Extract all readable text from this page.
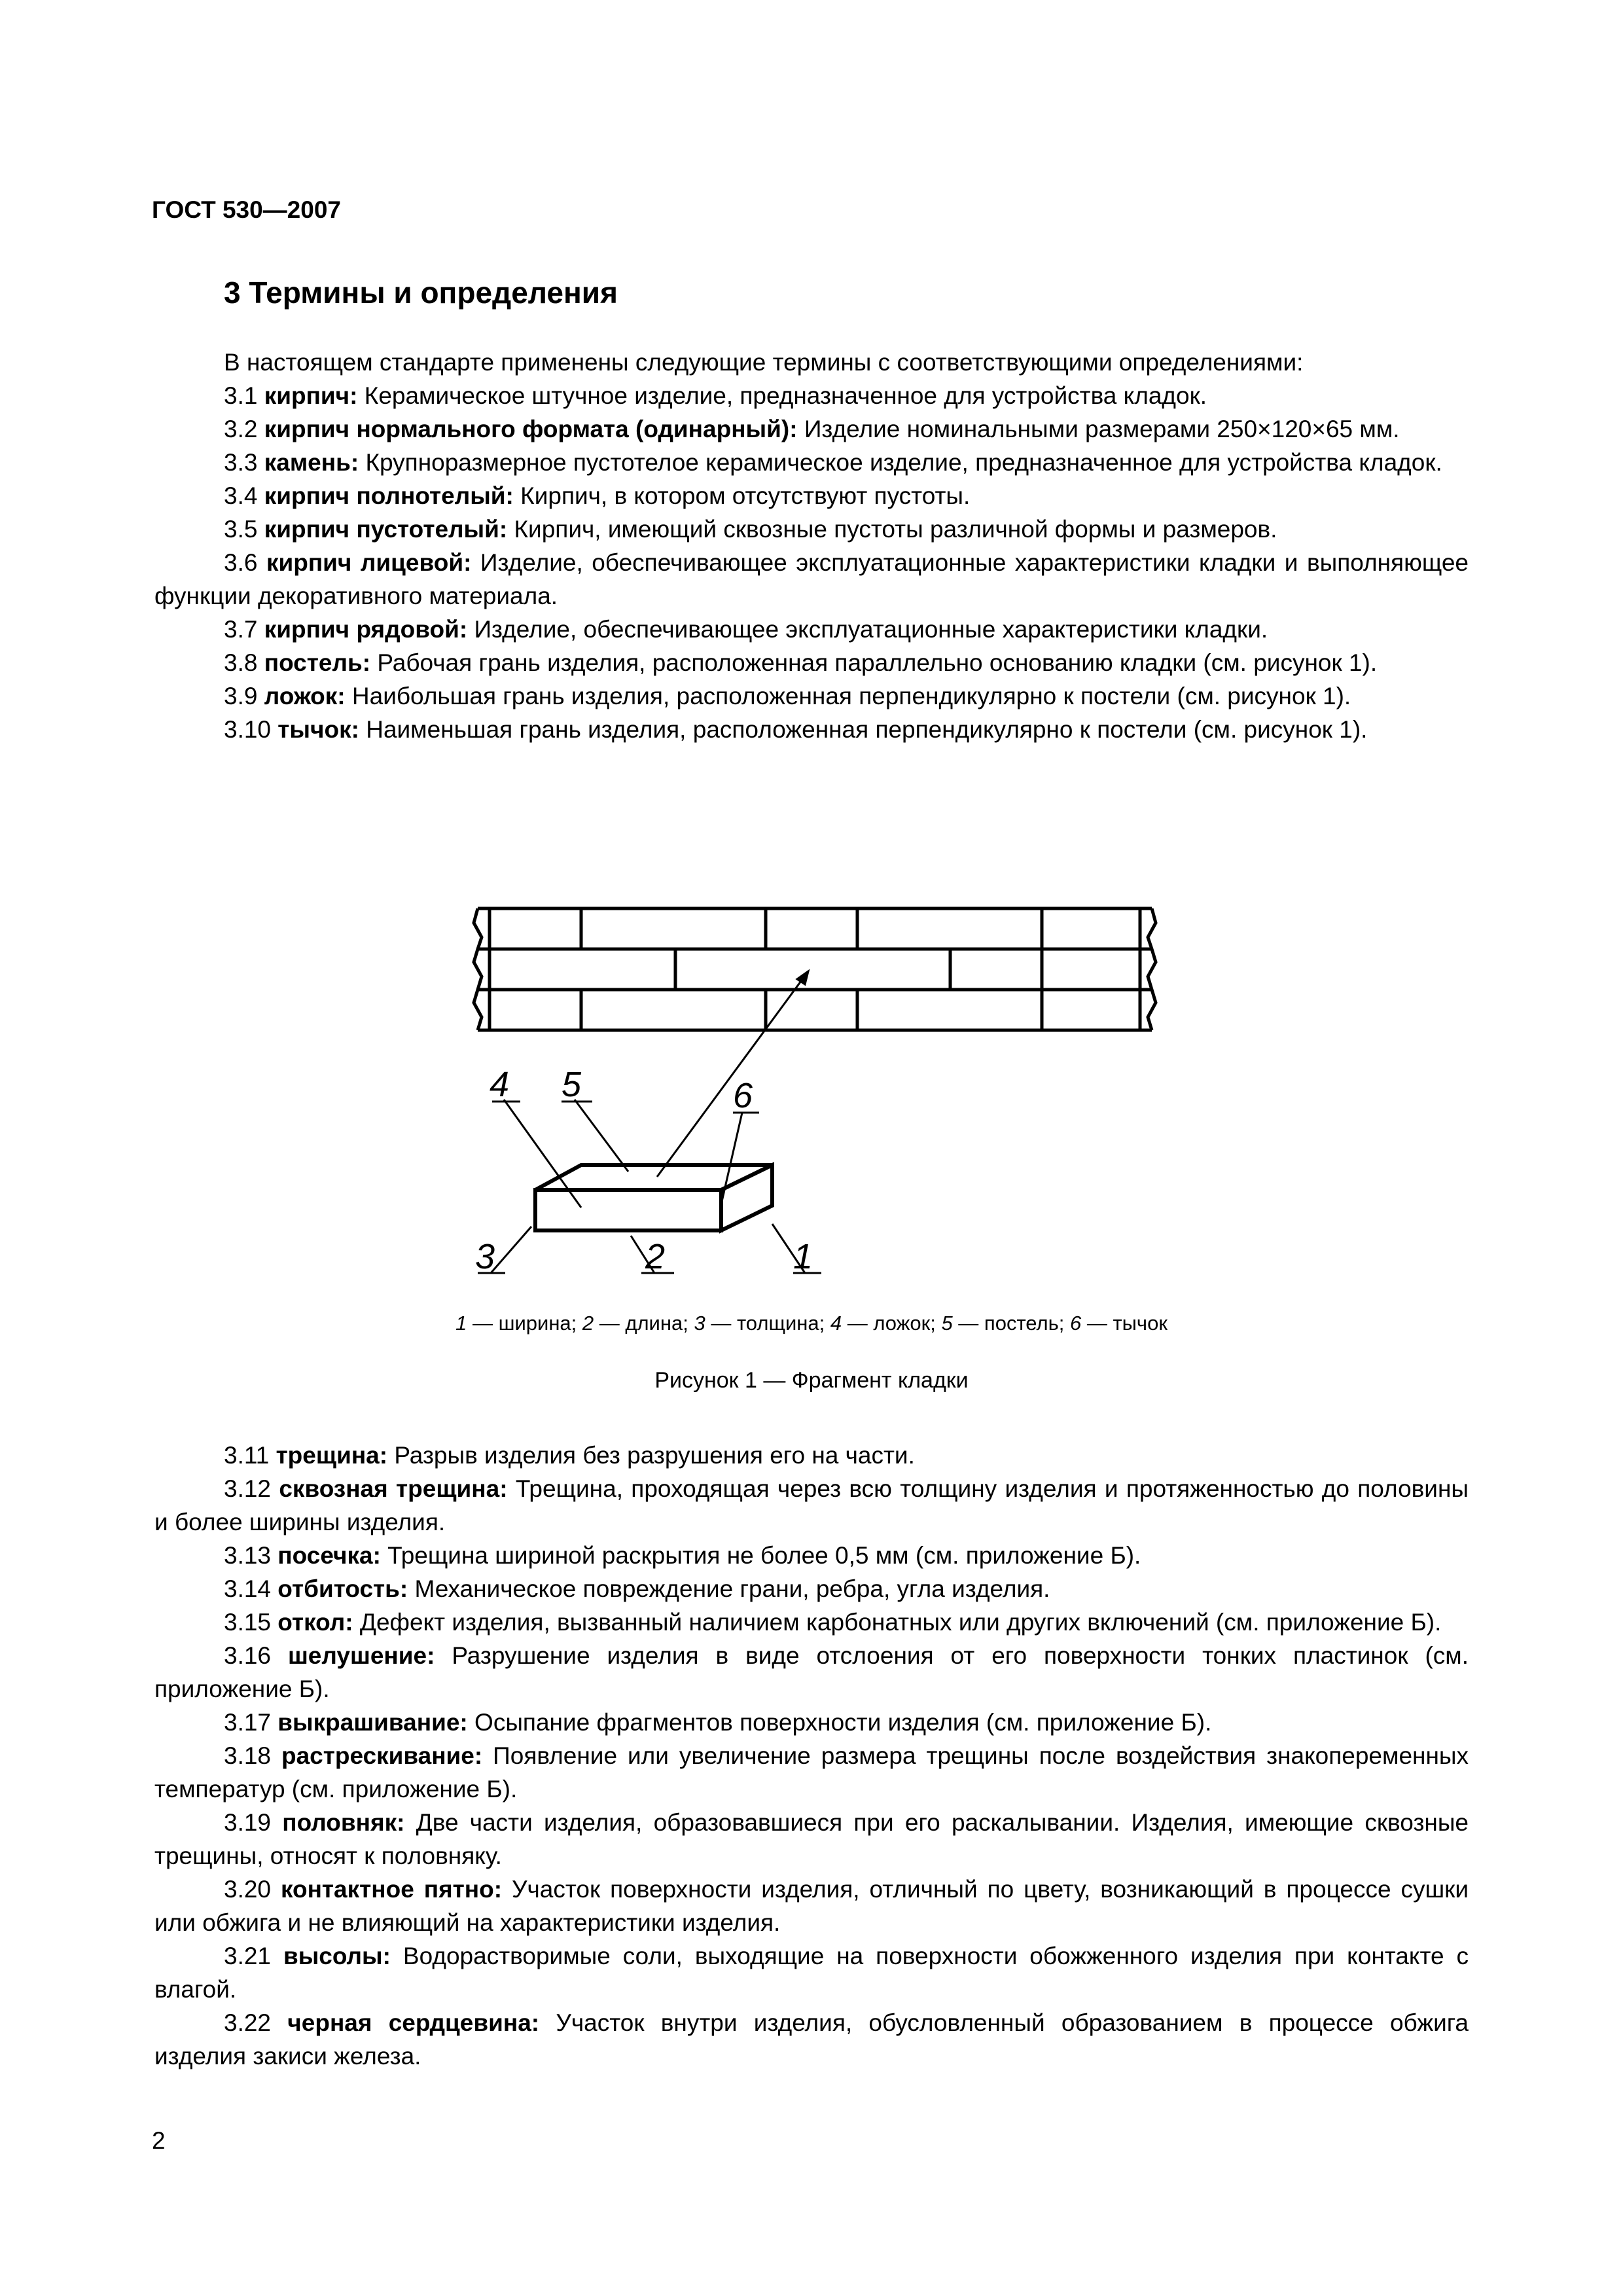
ГОСТ 530—2007
3 Термины и определения

В настоящем стандарте применены следующие термины с соответствующими определениями:

3.1 кирпич: Керамическое штучное изделие, предназначенное для устройства кладок.

3.2 кирпич нормального формата (одинарный): Изделие номинальными размерами 250×120×65 мм.

3.3 камень: Крупноразмерное пустотелое керамическое изделие, предназначенное для устройства кладок.

3.4 кирпич полнотелый: Кирпич, в котором отсутствуют пустоты.

3.5 кирпич пустотелый: Кирпич, имеющий сквозные пустоты различной формы и размеров.

3.6 кирпич лицевой: Изделие, обеспечивающее эксплуатационные характеристики кладки и выполняющее функции декоративного материала.

3.7 кирпич рядовой: Изделие, обеспечивающее эксплуатационные характеристики кладки.

3.8 постель: Рабочая грань изделия, расположенная параллельно основанию кладки (см. рисунок 1).

3.9 ложок: Наибольшая грань изделия, расположенная перпендикулярно к постели (см. рисунок 1).

3.10 тычок: Наименьшая грань изделия, расположенная перпендикулярно к постели (см. рисунок 1).

4 5	6
3	2	1
1 — ширина; 2 — длина; 3 — толщина; 4 — ложок; 5 — постель; 6 — тычок
Рисунок 1 — Фрагмент кладки

3.11 трещина: Разрыв изделия без разрушения его на части.

3.12 сквозная трещина: Трещина, проходящая через всю толщину изделия и протяженностью до половины и более ширины изделия.

3.13 посечка: Трещина шириной раскрытия не более 0,5 мм (см. приложение Б).

3.14 отбитость: Механическое повреждение грани, ребра, угла изделия.

3.15 откол: Дефект изделия, вызванный наличием карбонатных или других включений (см. приложение Б).

3.16 шелушение: Разрушение изделия в виде отслоения от его поверхности тонких пластинок (см. приложение Б).

3.17 выкрашивание: Осыпание фрагментов поверхности изделия (см. приложение Б).

3.18 растрескивание: Появление или увеличение размера трещины после воздействия знакопеременных температур (см. приложение Б).

3.19 половняк: Две части изделия, образовавшиеся при его раскалывании. Изделия, имеющие сквозные трещины, относят к половняку.

3.20 контактное пятно: Участок поверхности изделия, отличный по цвету, возникающий в процессе сушки или обжига и не влияющий на характеристики изделия.

3.21 высолы: Водорастворимые соли, выходящие на поверхности обожженного изделия при контакте с влагой.

3.22 черная сердцевина: Участок внутри изделия, обусловленный образованием в процессе обжига изделия закиси железа.

2
